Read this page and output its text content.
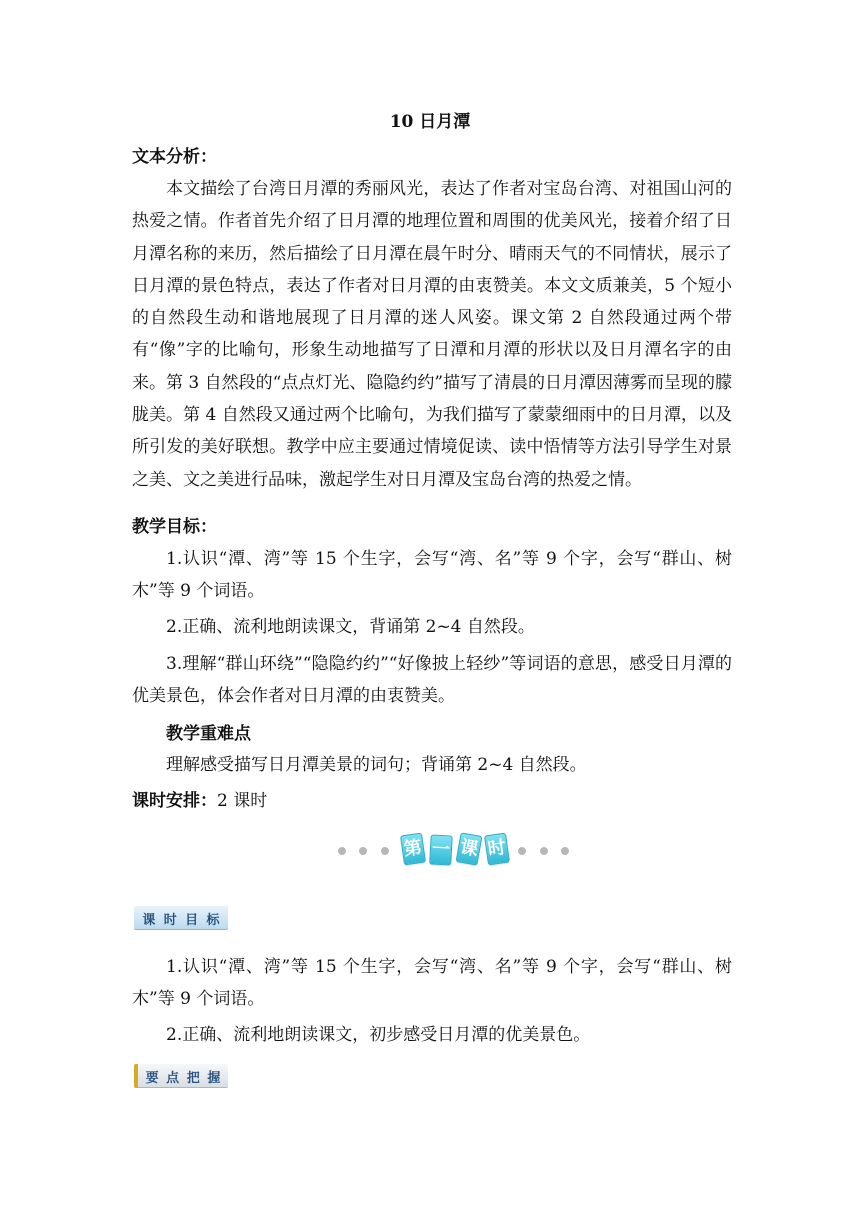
10 日月潭
文本分析：

本文描绘了台湾日月潭的秀丽风光，表达了作者对宝岛台湾、对祖国山河的热爱之情。作者首先介绍了日月潭的地理位置和周围的优美风光，接着介绍了日月潭名称的来历，然后描绘了日月潭在晨午时分、晴雨天气的不同情状，展示了日月潭的景色特点，表达了作者对日月潭的由衷赞美。本文文质兼美，5 个短小的自然段生动和谐地展现了日月潭的迷人风姿。课文第 2 自然段通过两个带有“像”字的比喻句，形象生动地描写了日潭和月潭的形状以及日月潭名字的由来。第 3 自然段的“点点灯光、隐隐约约”描写了清晨的日月潭因薄雾而呈现的朦胧美。第 4 自然段又通过两个比喻句，为我们描写了蒙蒙细雨中的日月潭，以及所引发的美好联想。教学中应主要通过情境促读、读中悟情等方法引导学生对景之美、文之美进行品味，激起学生对日月潭及宝岛台湾的热爱之情。

教学目标：

1.认识“潭、湾”等 15 个生字，会写“湾、名”等 9 个字，会写“群山、树木”等 9 个词语。

2.正确、流利地朗读课文，背诵第 2~4 自然段。

3.理解“群山环绕”“隐隐约约”“好像披上轻纱”等词语的意思，感受日月潭的优美景色，体会作者对日月潭的由衷赞美。

教学重难点

理解感受描写日月潭美景的词句；背诵第 2~4 自然段。

课时安排：2 课时
第 一 课 时
课 时 目 标

1.认识“潭、湾”等 15 个生字，会写“湾、名”等 9 个字，会写“群山、树木”等 9 个词语。

2.正确、流利地朗读课文，初步感受日月潭的优美景色。

要 点 把 握
